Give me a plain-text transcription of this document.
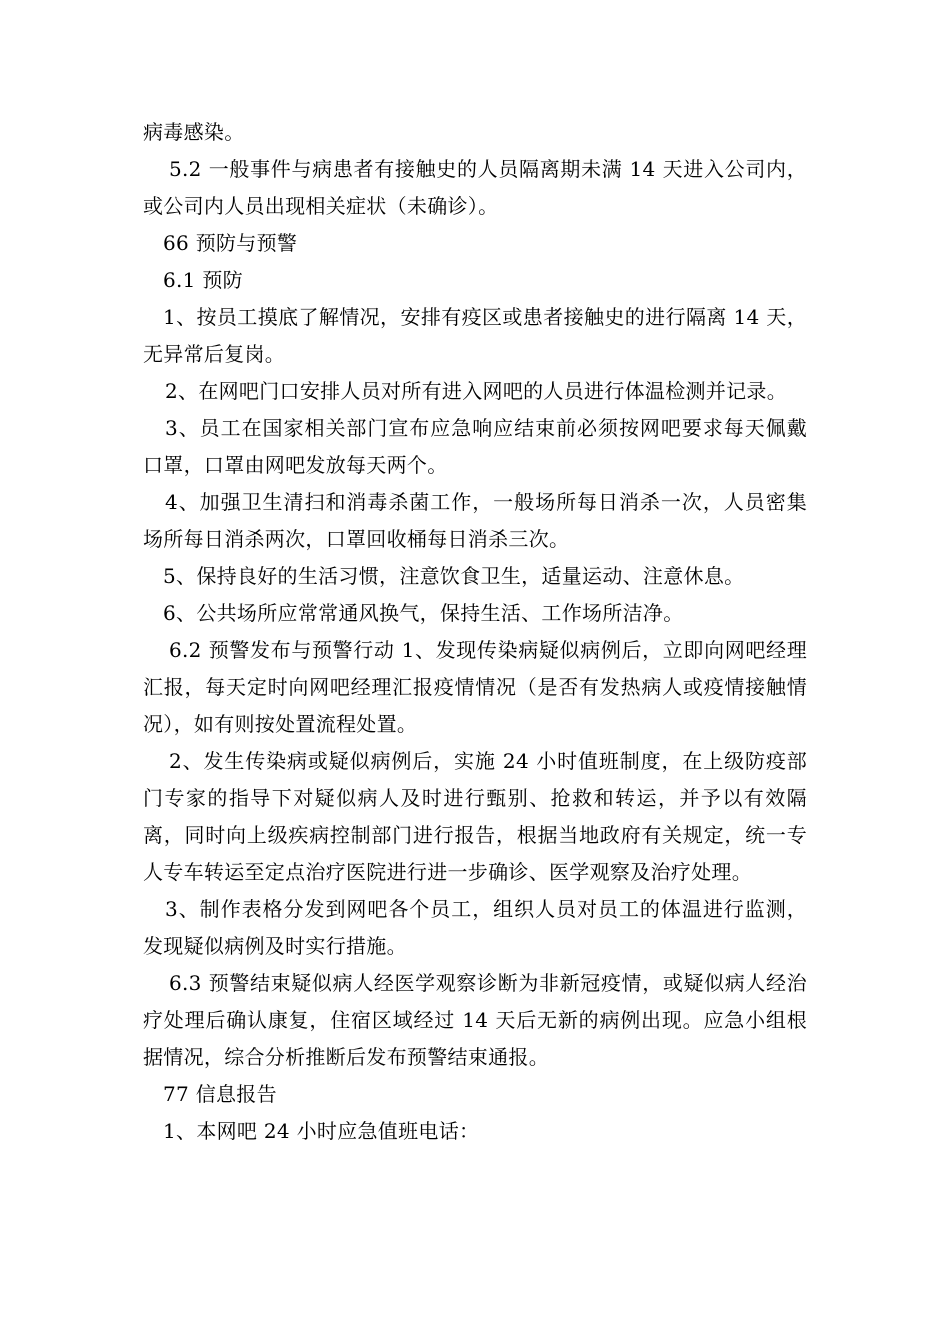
病毒感染。

5.2 一般事件与病患者有接触史的人员隔离期未满 14 天进入公司内，或公司内人员出现相关症状（未确诊）。

66 预防与预警

6.1 预防

1、按员工摸底了解情况，安排有疫区或患者接触史的进行隔离 14 天，无异常后复岗。

2、在网吧门口安排人员对所有进入网吧的人员进行体温检测并记录。

3、员工在国家相关部门宣布应急响应结束前必须按网吧要求每天佩戴口罩，口罩由网吧发放每天两个。

4、加强卫生清扫和消毒杀菌工作，一般场所每日消杀一次，人员密集场所每日消杀两次，口罩回收桶每日消杀三次。

5、保持良好的生活习惯，注意饮食卫生，适量运动、注意休息。

6、公共场所应常常通风换气，保持生活、工作场所洁净。

6.2 预警发布与预警行动 1、发现传染病疑似病例后，立即向网吧经理汇报，每天定时向网吧经理汇报疫情情况（是否有发热病人或疫情接触情况），如有则按处置流程处置。

2、发生传染病或疑似病例后，实施 24 小时值班制度，在上级防疫部门专家的指导下对疑似病人及时进行甄别、抢救和转运，并予以有效隔离，同时向上级疾病控制部门进行报告，根据当地政府有关规定，统一专人专车转运至定点治疗医院进行进一步确诊、医学观察及治疗处理。

3、制作表格分发到网吧各个员工，组织人员对员工的体温进行监测，发现疑似病例及时实行措施。

6.3 预警结束疑似病人经医学观察诊断为非新冠疫情，或疑似病人经治疗处理后确认康复，住宿区域经过 14 天后无新的病例出现。应急小组根据情况，综合分析推断后发布预警结束通报。

77 信息报告

1、本网吧 24 小时应急值班电话：
